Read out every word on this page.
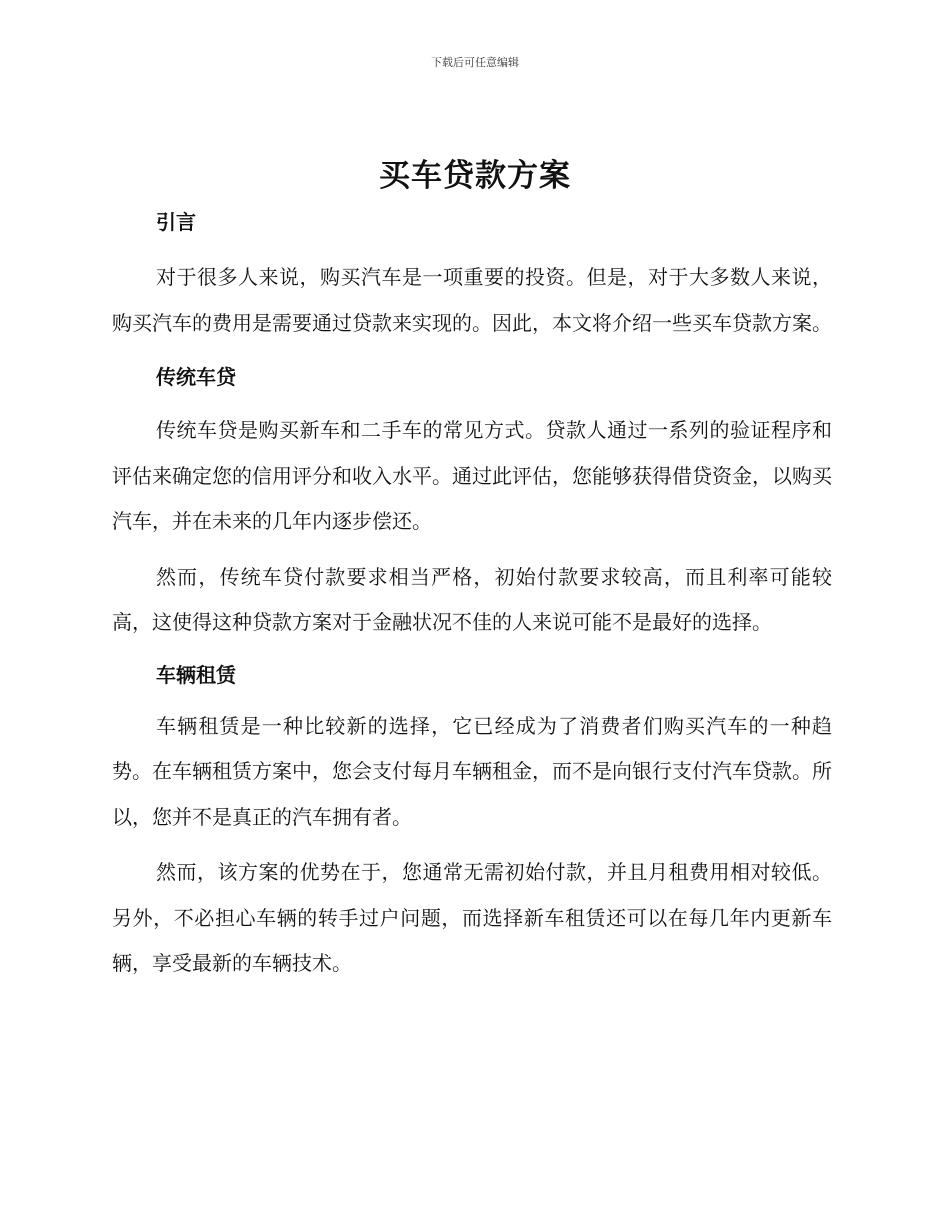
下载后可任意编辑
买车贷款方案
引言

对于很多人来说，购买汽车是一项重要的投资。但是，对于大多数人来说，购买汽车的费用是需要通过贷款来实现的。因此，本文将介绍一些买车贷款方案。

传统车贷

传统车贷是购买新车和二手车的常见方式。贷款人通过一系列的验证程序和评估来确定您的信用评分和收入水平。通过此评估，您能够获得借贷资金，以购买汽车，并在未来的几年内逐步偿还。

然而，传统车贷付款要求相当严格，初始付款要求较高，而且利率可能较高，这使得这种贷款方案对于金融状况不佳的人来说可能不是最好的选择。

车辆租赁

车辆租赁是一种比较新的选择，它已经成为了消费者们购买汽车的一种趋势。在车辆租赁方案中，您会支付每月车辆租金，而不是向银行支付汽车贷款。所以，您并不是真正的汽车拥有者。

然而，该方案的优势在于，您通常无需初始付款，并且月租费用相对较低。另外，不必担心车辆的转手过户问题，而选择新车租赁还可以在每几年内更新车辆，享受最新的车辆技术。
